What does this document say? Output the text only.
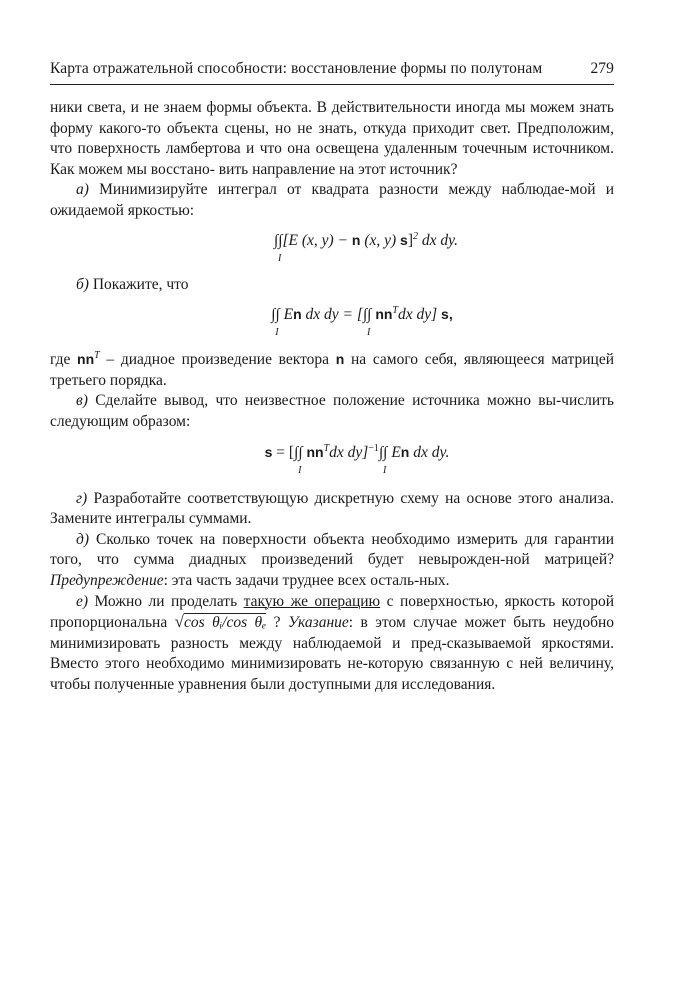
Карта отражательной способности: восстановление формы по полутонам	279

ники света, и не знаем формы объекта. В действительности иногда мы можем знать форму какого-то объекта сцены, но не знать, откуда приходит свет. Предположим, что поверхность ламбертова и что она освещена удаленным точечным источником. Как можем мы восстано- вить направление на этот источник?

а) Минимизируйте интеграл от квадрата разности между наблюдае-мой и ожидаемой яркостью:

∫∫
I
[E (x, y) − n (x, y) s]$^2$ dx dy.

б) Покажите, что

∫∫
I
En dx dy = [∫∫
I
$nn^Tdx$ dy] s,

где $nn^T$ – диадное произведение вектора n на самого себя, являющееся матрицей третьего порядка.

в) Сделайте вывод, что неизвестное положение источника можно вы-числить следующим образом:

s = [∫∫
I
$nn^Tdx$ dy]$^{-1}$∫∫
I
En dx dy.

г) Разработайте соответствующую дискретную схему на основе этого анализа. Замените интегралы суммами.

д) Сколько точек на поверхности объекта необходимо измерить для гарантии того, что сумма диадных произведений будет невырожден-ной матрицей? Предупреждение: эта часть задачи труднее всех осталь-ных.

е) Можно ли проделать такую же операцию с поверхностью, яркость которой пропорциональна √cos θᵢ/cos θₑ ? Указание: в этом случае может быть неудобно минимизировать разность между наблюдаемой и пред-сказываемой яркостями. Вместо этого необходимо минимизировать не-которую связанную с ней величину, чтобы полученные уравнения были доступными для исследования.
